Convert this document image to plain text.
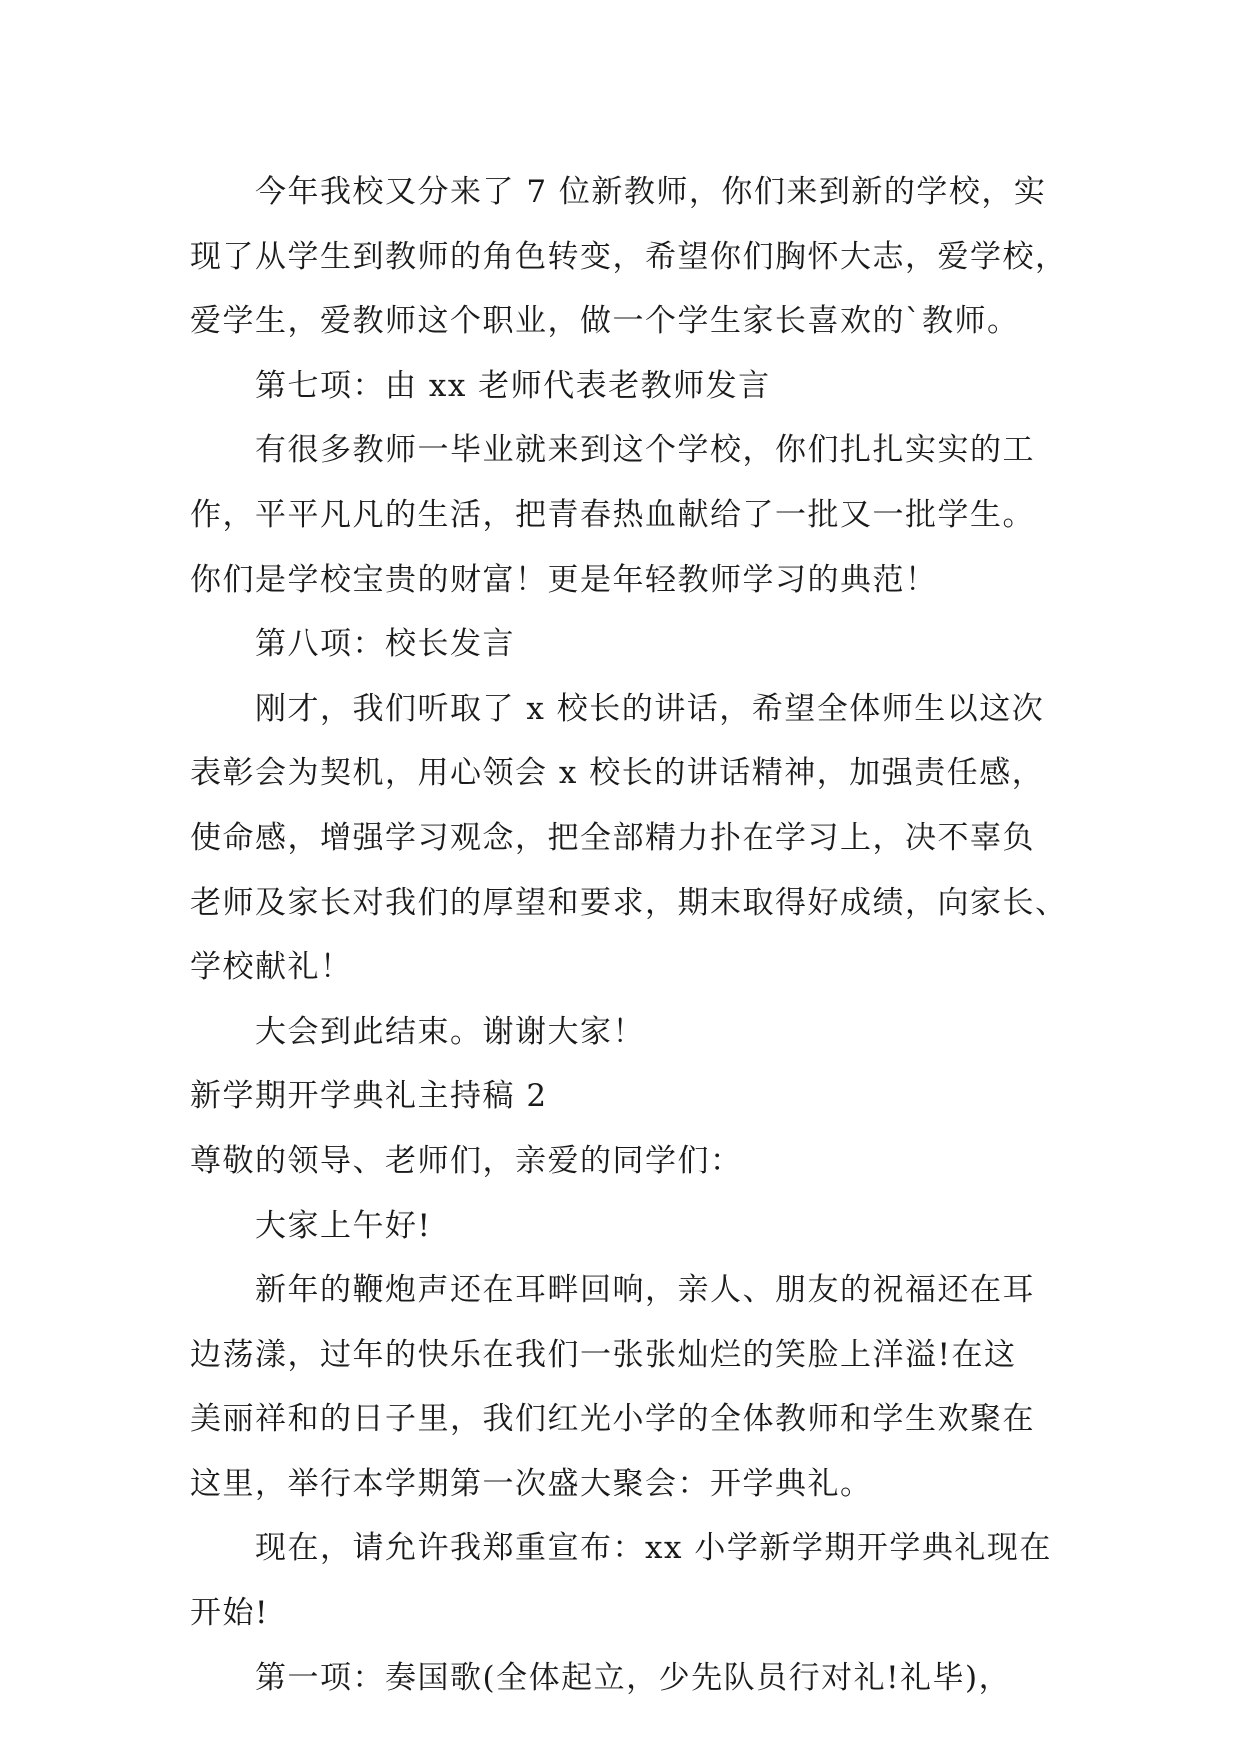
今年我校又分来了 7 位新教师，你们来到新的学校，实
现了从学生到教师的角色转变，希望你们胸怀大志，爱学校，
爱学生，爱教师这个职业，做一个学生家长喜欢的`教师。
第七项：由 xx 老师代表老教师发言
有很多教师一毕业就来到这个学校，你们扎扎实实的工
作，平平凡凡的生活，把青春热血献给了一批又一批学生。
你们是学校宝贵的财富！更是年轻教师学习的典范！
第八项：校长发言
刚才，我们听取了 x 校长的讲话，希望全体师生以这次
表彰会为契机，用心领会 x 校长的讲话精神，加强责任感，
使命感，增强学习观念，把全部精力扑在学习上，决不辜负
老师及家长对我们的厚望和要求，期末取得好成绩，向家长、
学校献礼！
大会到此结束。谢谢大家！
新学期开学典礼主持稿 2
尊敬的领导、老师们，亲爱的同学们：
大家上午好!
新年的鞭炮声还在耳畔回响，亲人、朋友的祝福还在耳
边荡漾，过年的快乐在我们一张张灿烂的笑脸上洋溢!在这
美丽祥和的日子里，我们红光小学的全体教师和学生欢聚在
这里，举行本学期第一次盛大聚会：开学典礼。
现在，请允许我郑重宣布：xx 小学新学期开学典礼现在
开始!
第一项：奏国歌(全体起立，少先队员行对礼!礼毕)，
